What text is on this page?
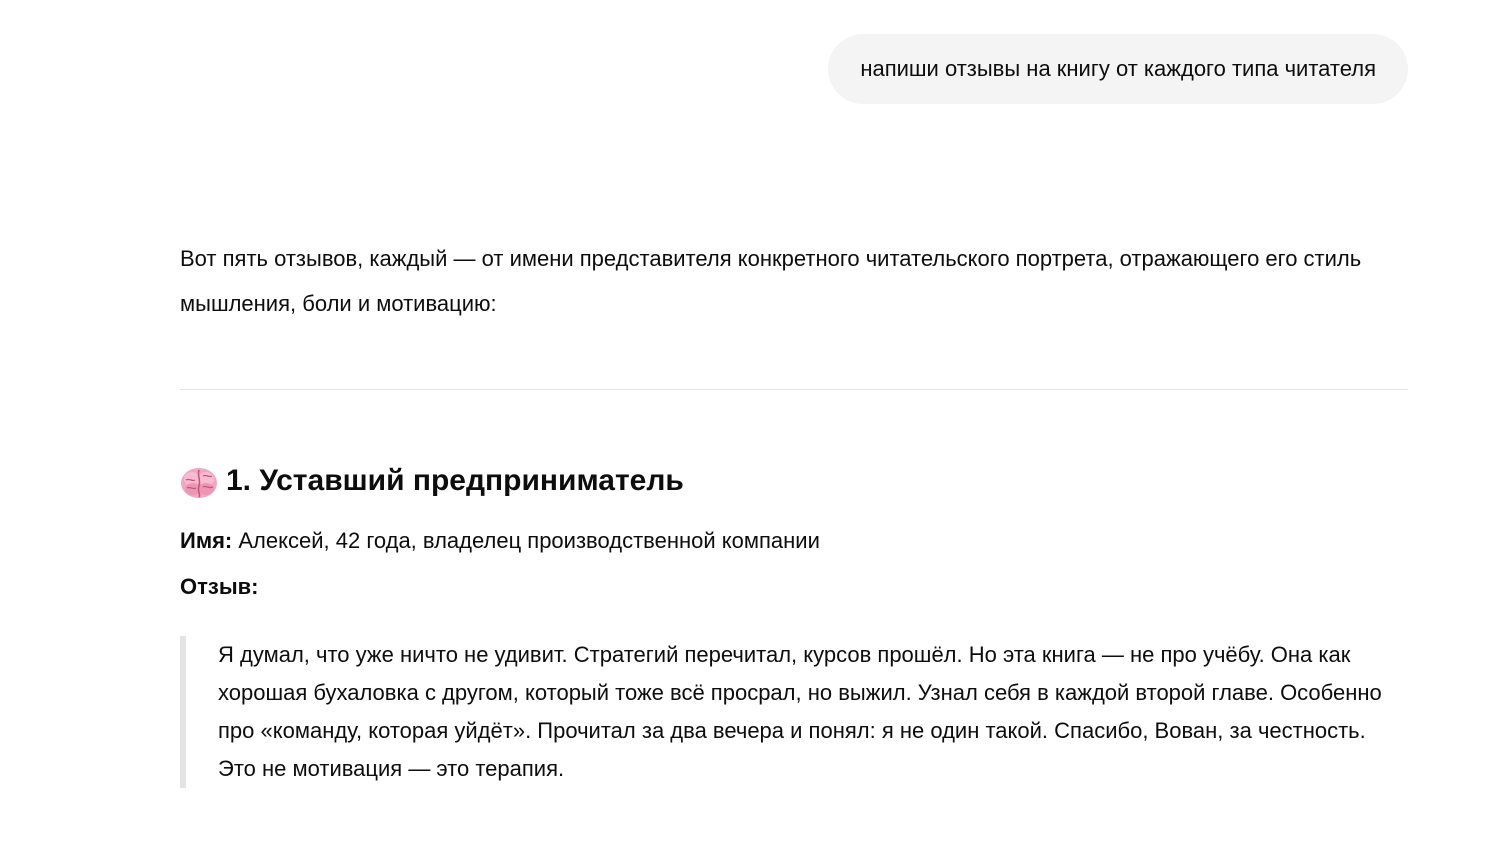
напиши отзывы на книгу от каждого типа читателя

Вот пять отзывов, каждый — от имени представителя конкретного читательского портрета, отражающего его стиль мышления, боли и мотивацию:

1. Уставший предприниматель

Имя: Алексей, 42 года, владелец производственной компании

Отзыв:

Я думал, что уже ничто не удивит. Стратегий перечитал, курсов прошёл. Но эта книга — не про учёбу. Она как хорошая бухаловка с другом, который тоже всё просрал, но выжил. Узнал себя в каждой второй главе. Особенно про «команду, которая уйдёт». Прочитал за два вечера и понял: я не один такой. Спасибо, Вован, за честность. Это не мотивация — это терапия.
